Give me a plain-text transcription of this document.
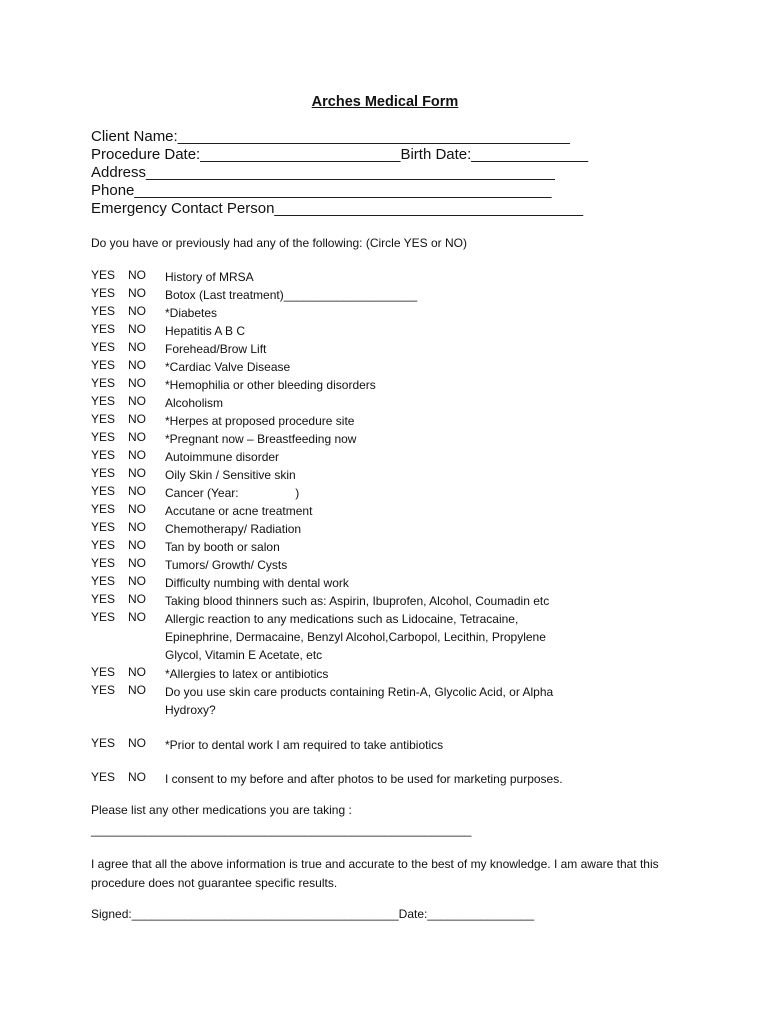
Arches Medical Form
Client Name:_______________________________________________
Procedure Date:________________________Birth Date:______________
Address_________________________________________________
Phone__________________________________________________
Emergency Contact Person_____________________________________
Do you have or previously had any of the following: (Circle YES or NO)
YES NO History of MRSA
YES NO Botox (Last treatment)____________________
YES NO *Diabetes
YES NO Hepatitis A B C
YES NO Forehead/Brow Lift
YES NO *Cardiac Valve Disease
YES NO *Hemophilia or other bleeding disorders
YES NO Alcoholism
YES NO *Herpes at proposed procedure site
YES NO *Pregnant now – Breastfeeding now
YES NO Autoimmune disorder
YES NO Oily Skin / Sensitive skin
YES NO Cancer (Year:                 )
YES NO Accutane or acne treatment
YES NO Chemotherapy/ Radiation
YES NO Tan by booth or salon
YES NO Tumors/ Growth/ Cysts
YES NO Difficulty numbing with dental work
YES NO Taking blood thinners such as: Aspirin, Ibuprofen, Alcohol, Coumadin etc
YES NO Allergic reaction to any medications such as Lidocaine, Tetracaine,
Epinephrine, Dermacaine, Benzyl Alcohol,Carbopol, Lecithin, Propylene
Glycol, Vitamin E Acetate, etc
YES NO *Allergies to latex or antibiotics
YES NO Do you use skin care products containing Retin-A, Glycolic Acid, or Alpha
Hydroxy?
YES NO *Prior to dental work I am required to take antibiotics
YES NO I consent to my before and after photos to be used for marketing purposes.
Please list any other medications you are taking :
_________________________________________________________
I agree that all the above information is true and accurate to the best of my knowledge. I am aware that this procedure does not guarantee specific results.
Signed:________________________________________Date:________________
